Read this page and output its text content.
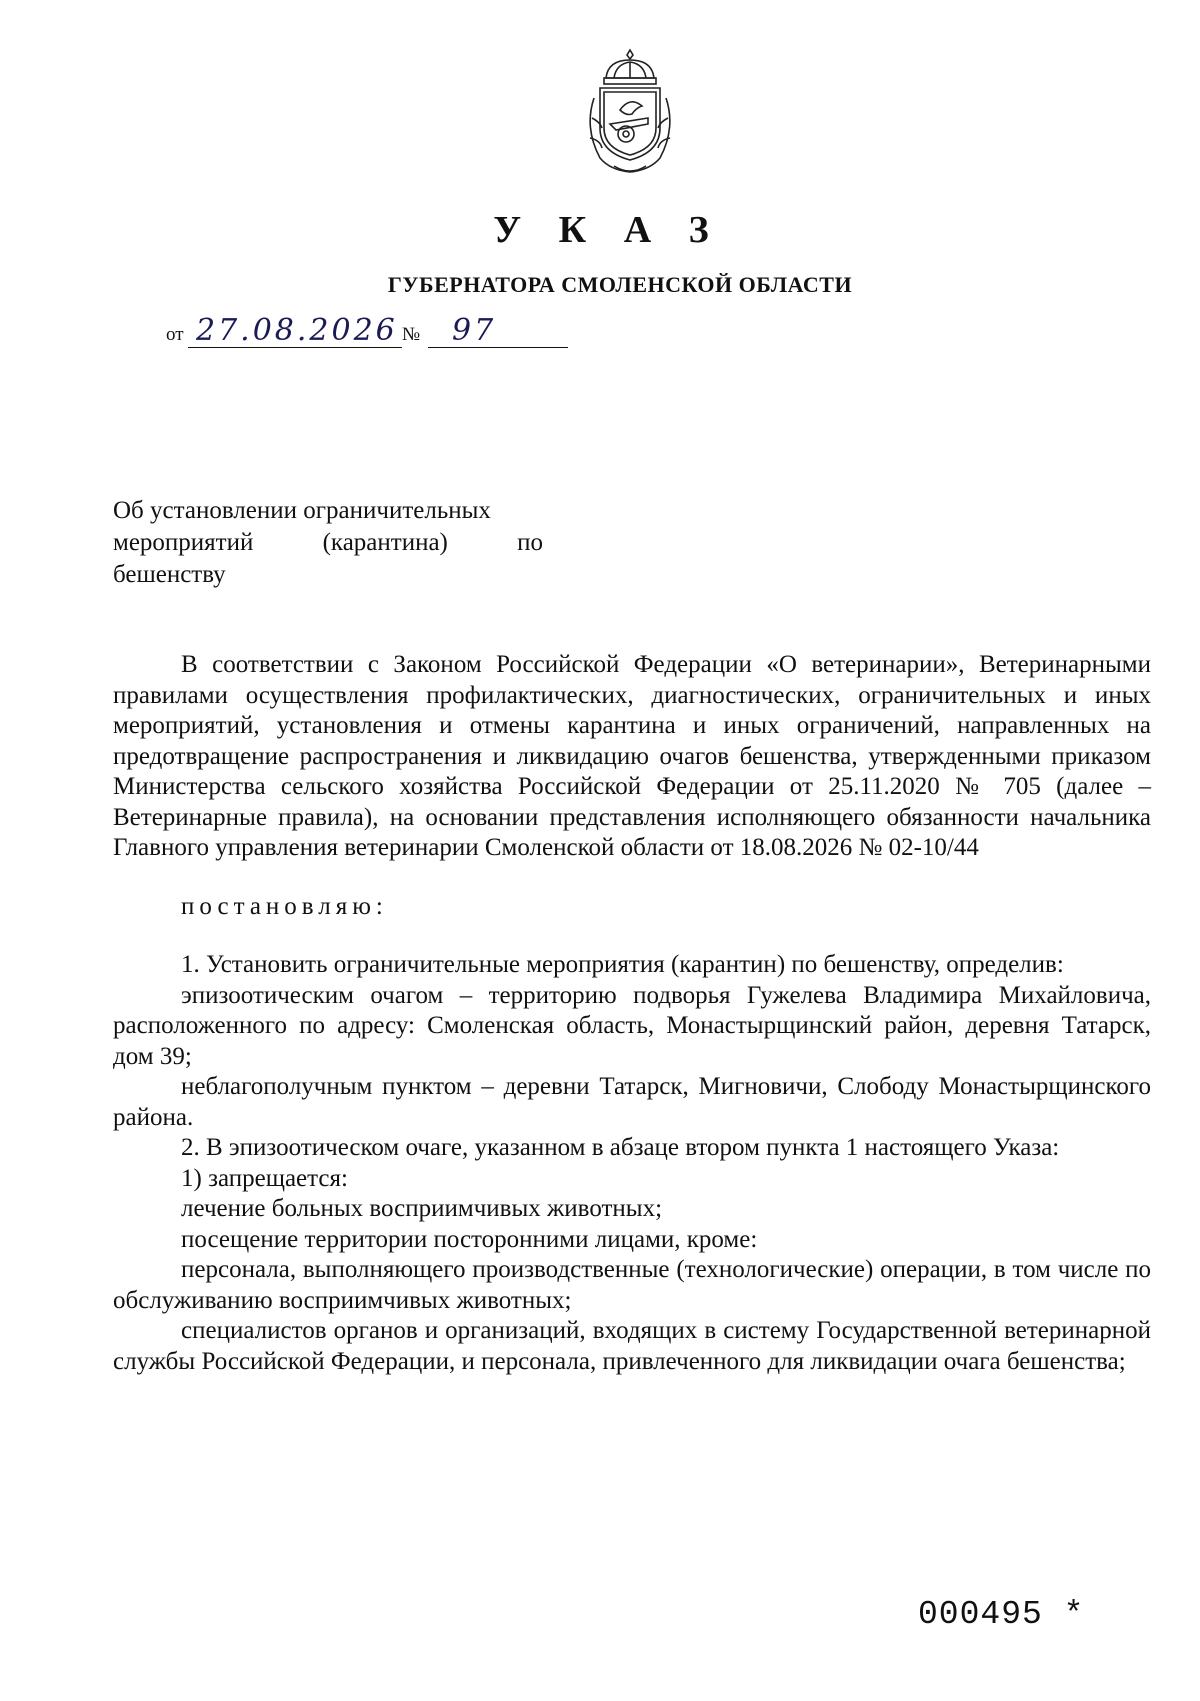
У К А З
ГУБЕРНАТОРА СМОЛЕНСКОЙ ОБЛАСТИ
от 27.08.2026 № 97
Об установлении ограничительных
мероприятий (карантина) по
бешенству

В соответствии с Законом Российской Федерации «О ветеринарии», Ветеринарными правилами осуществления профилактических, диагностических, ограничительных и иных мероприятий, установления и отмены карантина и иных ограничений, направленных на предотвращение распространения и ликвидацию очагов бешенства, утвержденными приказом Министерства сельского хозяйства Российской Федерации от 25.11.2020 № 705 (далее – Ветеринарные правила), на основании представления исполняющего обязанности начальника Главного управления ветеринарии Смоленской области от 18.08.2026 № 02-10/44

постановляю:

1. Установить ограничительные мероприятия (карантин) по бешенству, определив:

эпизоотическим очагом – территорию подворья Гужелева Владимира Михайловича, расположенного по адресу: Смоленская область, Монастырщинский район, деревня Татарск, дом 39;

неблагополучным пунктом – деревни Татарск, Мигновичи, Слободу Монастырщинского района.

2. В эпизоотическом очаге, указанном в абзаце втором пункта 1 настоящего Указа:

1) запрещается:

лечение больных восприимчивых животных;

посещение территории посторонними лицами, кроме:

персонала, выполняющего производственные (технологические) операции, в том числе по обслуживанию восприимчивых животных;

специалистов органов и организаций, входящих в систему Государственной ветеринарной службы Российской Федерации, и персонала, привлеченного для ликвидации очага бешенства;

000495 *
